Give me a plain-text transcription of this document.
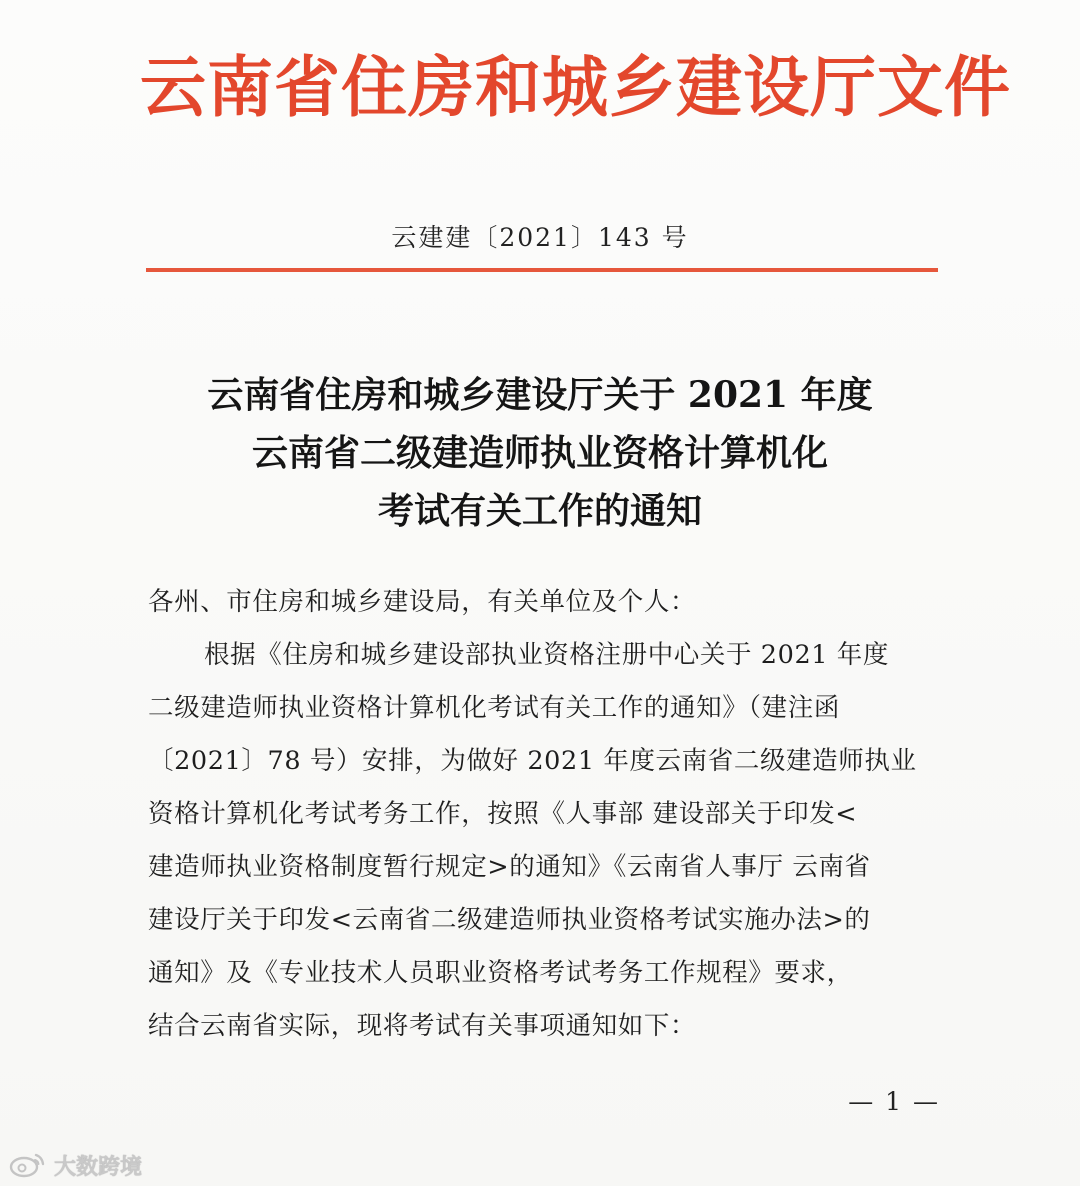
云南省住房和城乡建设厅文件
云建建〔2021〕143 号
云南省住房和城乡建设厅关于 2021 年度
云南省二级建造师执业资格计算机化
考试有关工作的通知
各州、市住房和城乡建设局，有关单位及个人：
根据《住房和城乡建设部执业资格注册中心关于 2021 年度
二级建造师执业资格计算机化考试有关工作的通知》（建注函
〔2021〕78 号）安排，为做好 2021 年度云南省二级建造师执业
资格计算机化考试考务工作，按照《人事部 建设部关于印发<
建造师执业资格制度暂行规定>的通知》《云南省人事厅 云南省
建设厅关于印发<云南省二级建造师执业资格考试实施办法>的
通知》及《专业技术人员职业资格考试考务工作规程》要求，
结合云南省实际，现将考试有关事项通知如下：
— 1 —
大数跨境
